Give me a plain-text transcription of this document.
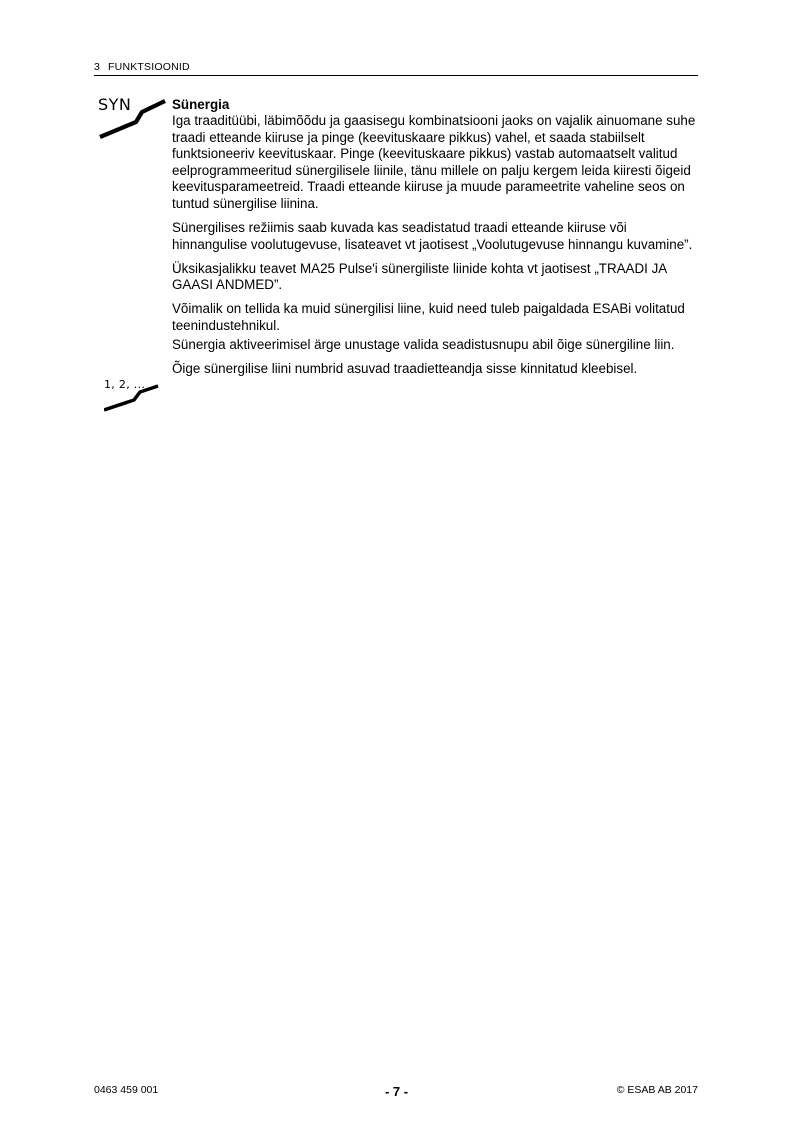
3 FUNKTSIOONID
SYN
1, 2, ...
Sünergia

Iga traaditüübi, läbimõõdu ja gaasisegu kombinatsiooni jaoks on vajalik ainuomane suhe traadi etteande kiiruse ja pinge (keevituskaare pikkus) vahel, et saada stabiilselt funktsioneeriv keevituskaar. Pinge (keevituskaare pikkus) vastab automaatselt valitud eelprogrammeeritud sünergilisele liinile, tänu millele on palju kergem leida kiiresti õigeid keevitusparameetreid. Traadi etteande kiiruse ja muude parameetrite vaheline seos on tuntud sünergilise liinina.

Sünergilises režiimis saab kuvada kas seadistatud traadi etteande kiiruse või hinnangulise voolutugevuse, lisateavet vt jaotisest „Voolutugevuse hinnangu kuvamine”.

Üksikasjalikku teavet MA25 Pulse'i sünergiliste liinide kohta vt jaotisest „TRAADI JA GAASI ANDMED”.

Võimalik on tellida ka muid sünergilisi liine, kuid need tuleb paigaldada ESABi volitatud teenindustehnikul.

Sünergia aktiveerimisel ärge unustage valida seadistusnupu abil õige sünergiline liin.

Õige sünergilise liini numbrid asuvad traadietteandja sisse kinnitatud kleebisel.

0463 459 001	- 7 -	© ESAB AB 2017
